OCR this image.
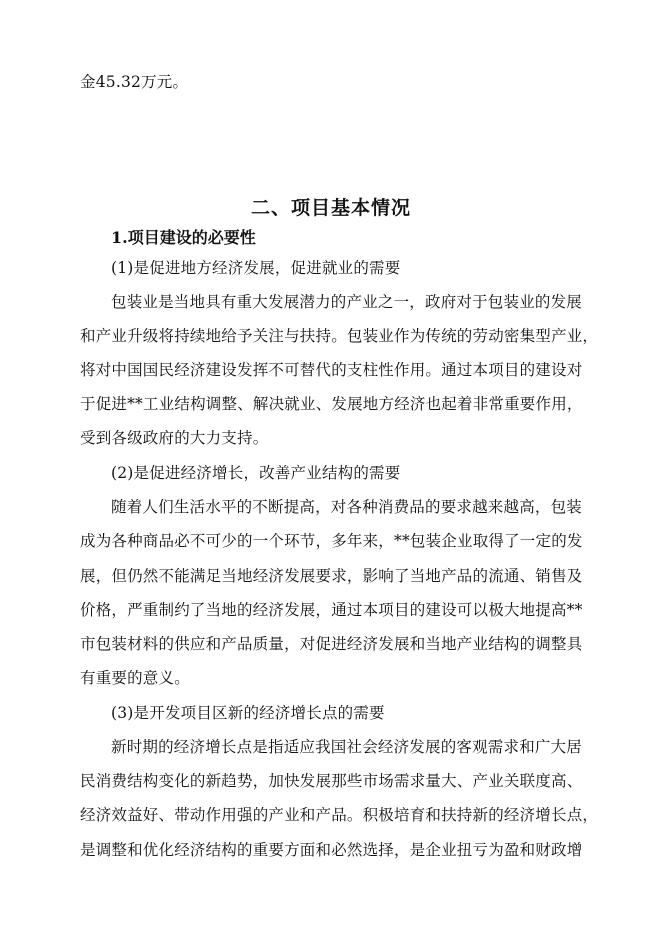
金45.32万元。
二、项目基本情况
1.项目建设的必要性
(1)是促进地方经济发展，促进就业的需要
包装业是当地具有重大发展潜力的产业之一，政府对于包装业的发展
和产业升级将持续地给予关注与扶持。包装业作为传统的劳动密集型产业，
将对中国国民经济建设发挥不可替代的支柱性作用。通过本项目的建设对
于促进**工业结构调整、解决就业、发展地方经济也起着非常重要作用，
受到各级政府的大力支持。
(2)是促进经济增长，改善产业结构的需要
随着人们生活水平的不断提高，对各种消费品的要求越来越高，包装
成为各种商品必不可少的一个环节，多年来，**包装企业取得了一定的发
展，但仍然不能满足当地经济发展要求，影响了当地产品的流通、销售及
价格，严重制约了当地的经济发展，通过本项目的建设可以极大地提高**
市包装材料的供应和产品质量，对促进经济发展和当地产业结构的调整具
有重要的意义。
(3)是开发项目区新的经济增长点的需要
新时期的经济增长点是指适应我国社会经济发展的客观需求和广大居
民消费结构变化的新趋势，加快发展那些市场需求量大、产业关联度高、
经济效益好、带动作用强的产业和产品。积极培育和扶持新的经济增长点，
是调整和优化经济结构的重要方面和必然选择，是企业扭亏为盈和财政增
